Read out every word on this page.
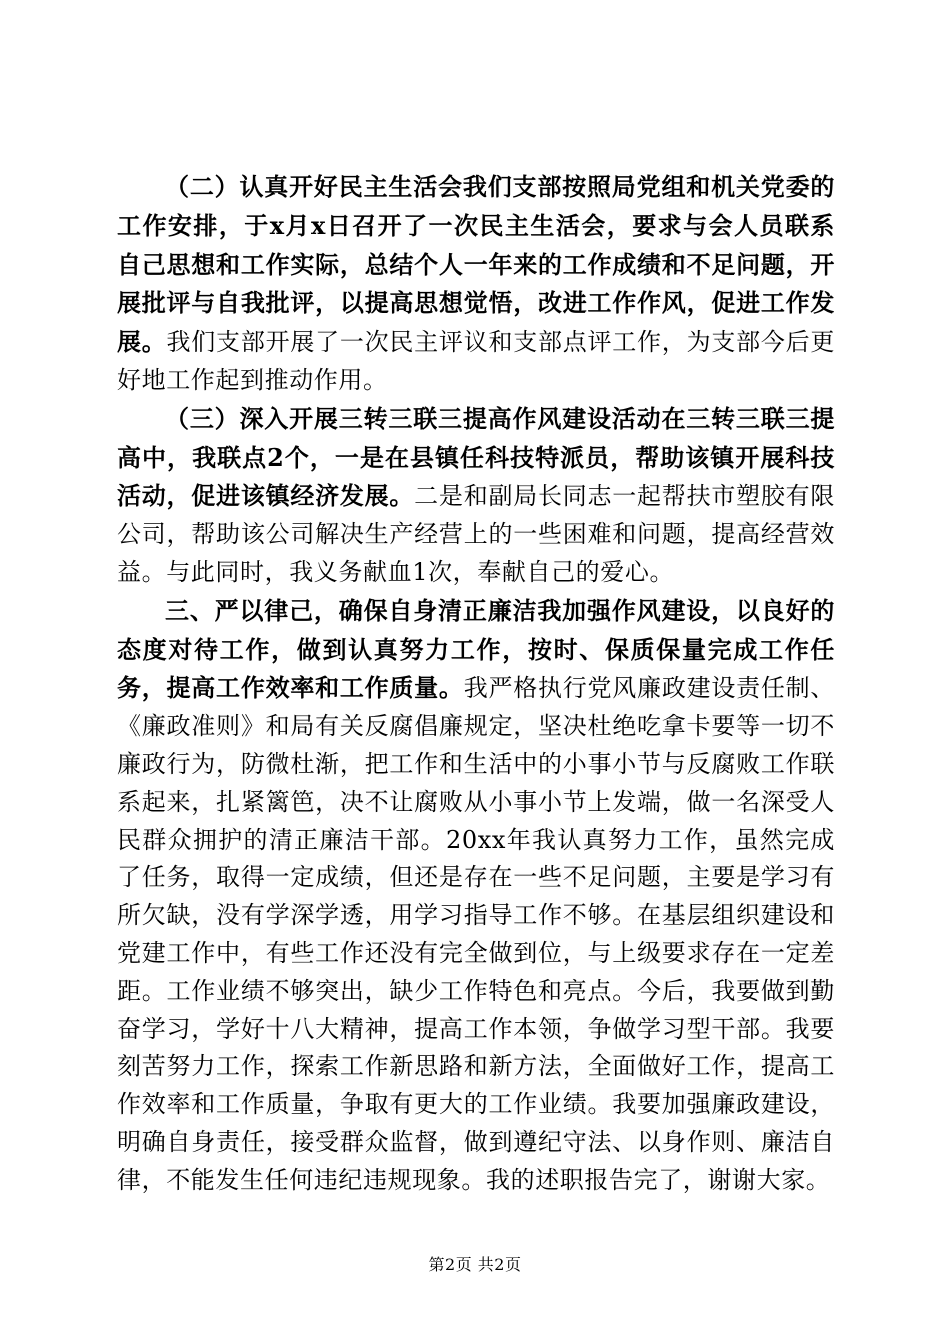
（二）认真开好民主生活会我们支部按照局党组和机关党委的工作安排，于x月x日召开了一次民主生活会，要求与会人员联系自己思想和工作实际，总结个人一年来的工作成绩和不足问题，开展批评与自我批评，以提高思想觉悟，改进工作作风，促进工作发展。我们支部开展了一次民主评议和支部点评工作，为支部今后更好地工作起到推动作用。

（三）深入开展三转三联三提高作风建设活动在三转三联三提高中，我联点2个，一是在县镇任科技特派员，帮助该镇开展科技活动，促进该镇经济发展。二是和副局长同志一起帮扶市塑胶有限公司，帮助该公司解决生产经营上的一些困难和问题，提高经营效益。与此同时，我义务献血1次，奉献自己的爱心。

三、严以律己，确保自身清正廉洁我加强作风建设，以良好的态度对待工作，做到认真努力工作，按时、保质保量完成工作任务，提高工作效率和工作质量。我严格执行党风廉政建设责任制、《廉政准则》和局有关反腐倡廉规定，坚决杜绝吃拿卡要等一切不廉政行为，防微杜渐，把工作和生活中的小事小节与反腐败工作联系起来，扎紧篱笆，决不让腐败从小事小节上发端，做一名深受人民群众拥护的清正廉洁干部。20xx年我认真努力工作，虽然完成了任务，取得一定成绩，但还是存在一些不足问题，主要是学习有所欠缺，没有学深学透，用学习指导工作不够。在基层组织建设和党建工作中，有些工作还没有完全做到位，与上级要求存在一定差距。工作业绩不够突出，缺少工作特色和亮点。今后，我要做到勤奋学习，学好十八大精神，提高工作本领，争做学习型干部。我要刻苦努力工作，探索工作新思路和新方法，全面做好工作，提高工作效率和工作质量，争取有更大的工作业绩。我要加强廉政建设，明确自身责任，接受群众监督，做到遵纪守法、以身作则、廉洁自律，不能发生任何违纪违规现象。我的述职报告完了，谢谢大家。

第2页 共2页
